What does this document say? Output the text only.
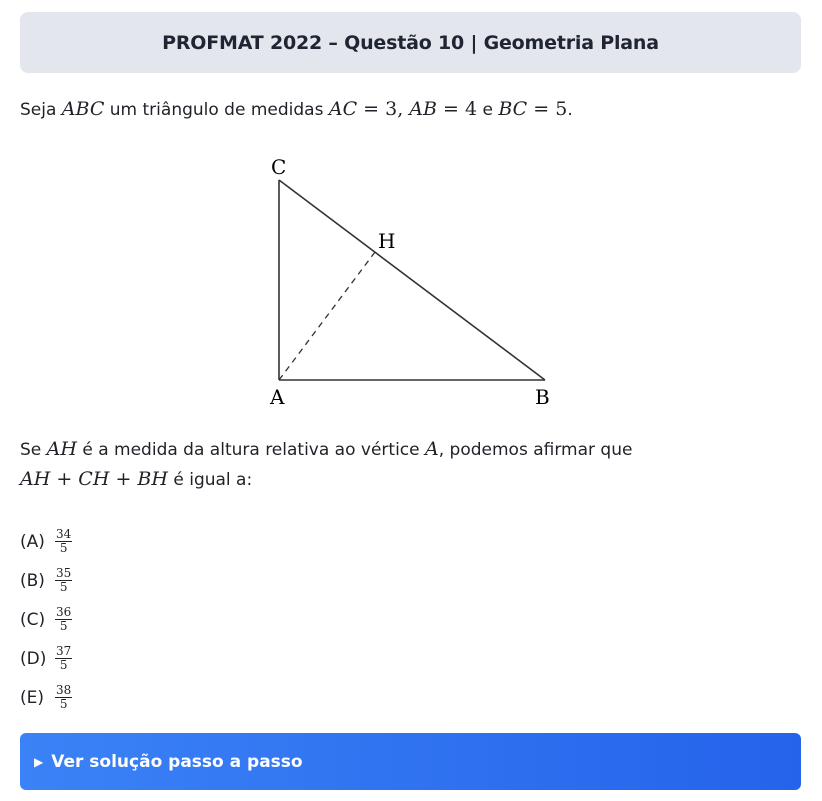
PROFMAT 2022 – Questão 10 | Geometria Plana
Seja ABC um triângulo de medidas AC = 3, AB = 4 e BC = 5.
C
H
A	B
Se AH é a medida da altura relativa ao vértice A, podemos afirmar que
AH + CH + BH é igual a:
$(A) \frac{34}{5}$
$(B) \frac{35}{5}$
$(C) \frac{36}{5}$
$(D) \frac{37}{5}$
$(E) \frac{38}{5}$
▶ Ver solução passo a passo
